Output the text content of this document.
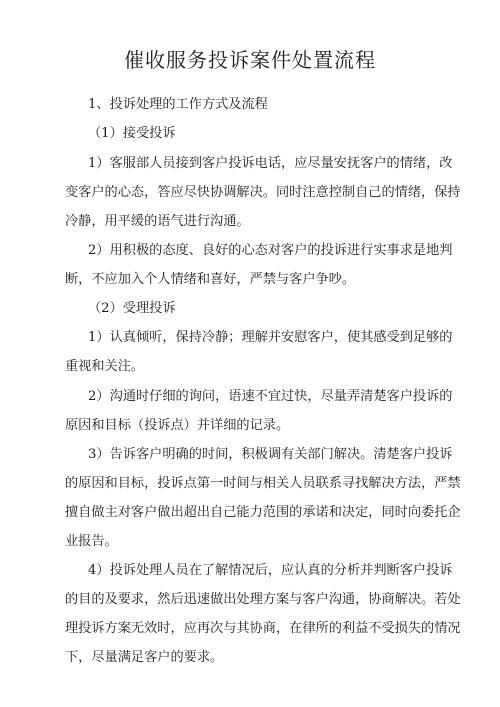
催收服务投诉案件处置流程
1、投诉处理的工作方式及流程
（1）接受投诉
1）客服部人员接到客户投诉电话，应尽量安抚客户的情绪，改
变客户的心态，答应尽快协调解决。同时注意控制自己的情绪，保持
冷静，用平缓的语气进行沟通。
2）用积极的态度、良好的心态对客户的投诉进行实事求是地判
断，不应加入个人情绪和喜好，严禁与客户争吵。
（2）受理投诉
1）认真倾听，保持冷静；理解并安慰客户，使其感受到足够的
重视和关注。
2）沟通时仔细的询问，语速不宜过快，尽量弄清楚客户投诉的
原因和目标（投诉点）并详细的记录。
3）告诉客户明确的时间，积极调有关部门解决。清楚客户投诉
的原因和目标，投诉点第一时间与相关人员联系寻找解决方法，严禁
擅自做主对客户做出超出自己能力范围的承诺和决定，同时向委托企
业报告。
4）投诉处理人员在了解情况后，应认真的分析并判断客户投诉
的目的及要求，然后迅速做出处理方案与客户沟通，协商解决。若处
理投诉方案无效时，应再次与其协商，在律所的利益不受损失的情况
下，尽量满足客户的要求。
